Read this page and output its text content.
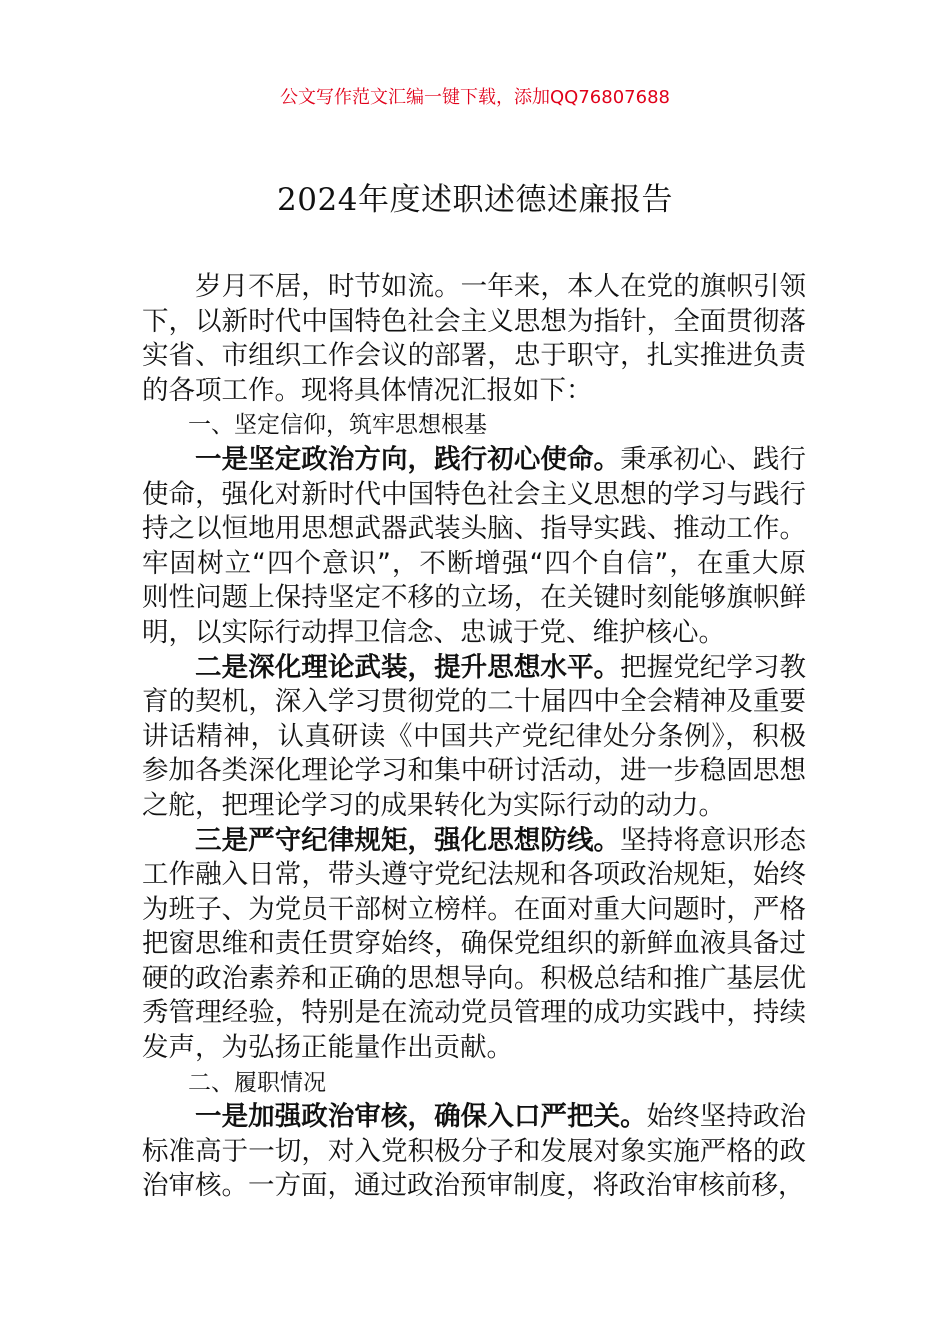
公文写作范文汇编一键下载，添加QQ76807688
2024年度述职述德述廉报告

岁月不居，时节如流。一年来，本人在党的旗帜引领下，以新时代中国特色社会主义思想为指针，全面贯彻落实省、市组织工作会议的部署，忠于职守，扎实推进负责的各项工作。现将具体情况汇报如下：

一、坚定信仰，筑牢思想根基

一是坚定政治方向，践行初心使命。秉承初心、践行使命，强化对新时代中国特色社会主义思想的学习与践行持之以恒地用思想武器武装头脑、指导实践、推动工作。牢固树立“四个意识”，不断增强“四个自信”，在重大原则性问题上保持坚定不移的立场，在关键时刻能够旗帜鲜明，以实际行动捍卫信念、忠诚于党、维护核心。

二是深化理论武装，提升思想水平。把握党纪学习教育的契机，深入学习贯彻党的二十届四中全会精神及重要讲话精神，认真研读《中国共产党纪律处分条例》，积极参加各类深化理论学习和集中研讨活动，进一步稳固思想之舵，把理论学习的成果转化为实际行动的动力。

三是严守纪律规矩，强化思想防线。坚持将意识形态工作融入日常，带头遵守党纪法规和各项政治规矩，始终为班子、为党员干部树立榜样。在面对重大问题时，严格把窗思维和责任贯穿始终，确保党组织的新鲜血液具备过硬的政治素养和正确的思想导向。积极总结和推广基层优秀管理经验，特别是在流动党员管理的成功实践中，持续发声，为弘扬正能量作出贡献。

二、履职情况

一是加强政治审核，确保入口严把关。始终坚持政治标准高于一切，对入党积极分子和发展对象实施严格的政治审核。一方面，通过政治预审制度，将政治审核前移，
